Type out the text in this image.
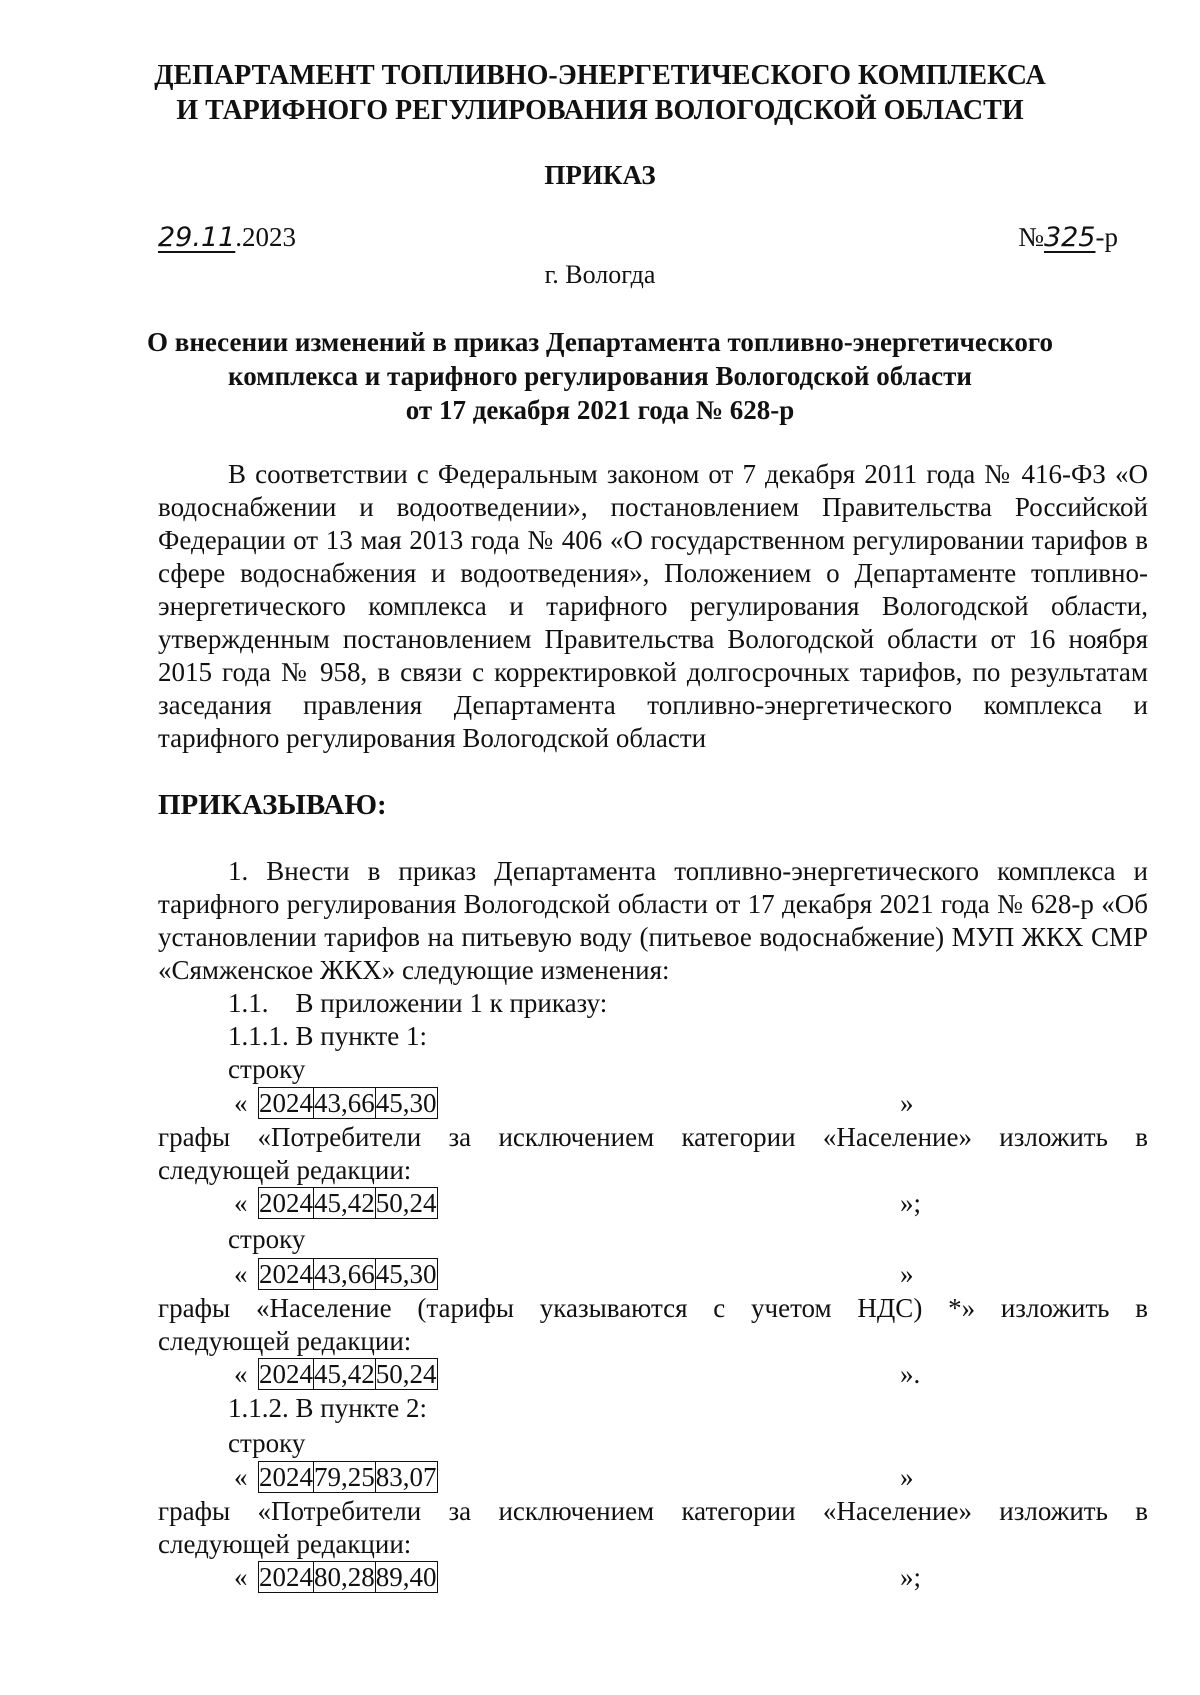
ДЕПАРТАМЕНТ ТОПЛИВНО-ЭНЕРГЕТИЧЕСКОГО КОМПЛЕКСА
И ТАРИФНОГО РЕГУЛИРОВАНИЯ ВОЛОГОДСКОЙ ОБЛАСТИ
ПРИКАЗ
29.11.2023	№325-р
г. Вологда
О внесении изменений в приказ Департамента топливно-энергетического
комплекса и тарифного регулирования Вологодской области
от 17 декабря 2021 года № 628-р
В соответствии с Федеральным законом от 7 декабря 2011 года № 416-ФЗ «О водоснабжении и водоотведении», постановлением Правительства Российской Федерации от 13 мая 2013 года № 406 «О государственном регулировании тарифов в сфере водоснабжения и водоотведения», Положением о Департаменте топливно-энергетического комплекса и тарифного регулирования Вологодской области, утвержденным постановлением Правительства Вологодской области от 16 ноября 2015 года № 958, в связи с корректировкой долгосрочных тарифов, по результатам заседания правления Департамента топливно-энергетического комплекса и тарифного регулирования Вологодской области
ПРИКАЗЫВАЮ:
1. Внести в приказ Департамента топливно-энергетического комплекса и тарифного регулирования Вологодской области от 17 декабря 2021 года № 628-р «Об установлении тарифов на питьевую воду (питьевое водоснабжение) МУП ЖКХ СМР «Сямженское ЖКХ» следующие изменения:
1.1.    В приложении 1 к приказу:
1.1.1. В пункте 1:
строку
« 2024	43,66	45,30	»
графы «Потребители за исключением категории «Население» изложить в
следующей редакции:
« 2024	45,42	50,24	»;
строку
« 2024	43,66	45,30	»
графы «Население (тарифы указываются с учетом НДС) *» изложить в
следующей редакции:
« 2024	45,42	50,24	».
1.1.2. В пункте 2:
строку
« 2024	79,25	83,07	»
графы «Потребители за исключением категории «Население» изложить в
следующей редакции:
« 2024	80,28	89,40	»;
